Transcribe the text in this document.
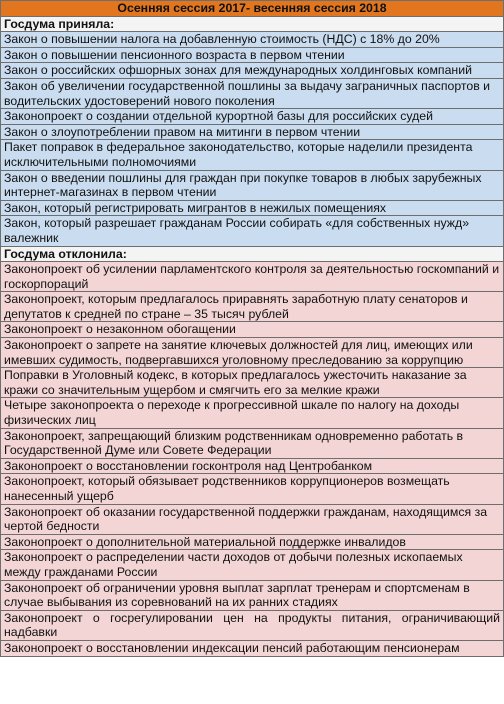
Осенняя сессия 2017- весенняя сессия 2018
Госдума приняла:
Закон о повышении налога на добавленную стоимость (НДС) с 18% до 20%
Закон о повышении пенсионного возраста в первом чтении
Закон о российских офшорных зонах для международных холдинговых компаний
Закон об увеличении государственной пошлины за выдачу заграничных паспортов и водительских удостоверений нового поколения
Законопроект о создании отдельной курортной базы для российских судей
Закон о злоупотреблении правом на митинги в первом чтении
Пакет поправок в федеральное законодательство, которые наделили президента исключительными полномочиями
Закон о введении пошлины для граждан при покупке товаров в любых зарубежных интернет-магазинах в первом чтении
Закон, который регистрировать мигрантов в нежилых помещениях
Закон, который разрешает гражданам России собирать «для собственных нужд» валежник
Госдума отклонила:
Законопроект об усилении парламентского контроля за деятельностью госкомпаний и госкорпораций
Законопроект, которым предлагалось приравнять заработную плату сенаторов и депутатов к средней по стране – 35 тысяч рублей
Законопроект о незаконном обогащении
Законопроект о запрете на занятие ключевых должностей для лиц, имеющих или имевших судимость, подвергавшихся уголовному преследованию за коррупцию
Поправки в Уголовный кодекс, в которых предлагалось ужесточить наказание за кражи со значительным ущербом и смягчить его за мелкие кражи
Четыре законопроекта о переходе к прогрессивной шкале по налогу на доходы физических лиц
Законопроект, запрещающий близким родственникам одновременно работать в Государственной Думе или Совете Федерации
Законопроект о восстановлении госконтроля над Центробанком
Законопроект, который обязывает родственников коррупционеров возмещать нанесенный ущерб
Законопроект об оказании государственной поддержки гражданам, находящимся за чертой бедности
Законопроект о дополнительной материальной поддержке инвалидов
Законопроект о распределении части доходов от добычи полезных ископаемых между гражданами России
Законопроект об ограничении уровня выплат зарплат тренерам и спортсменам в случае выбывания из соревнований на их ранних стадиях
Законопроект о госрегулировании цен на продукты питания, ограничивающий надбавки
Законопроект о восстановлении индексации пенсий работающим пенсионерам
